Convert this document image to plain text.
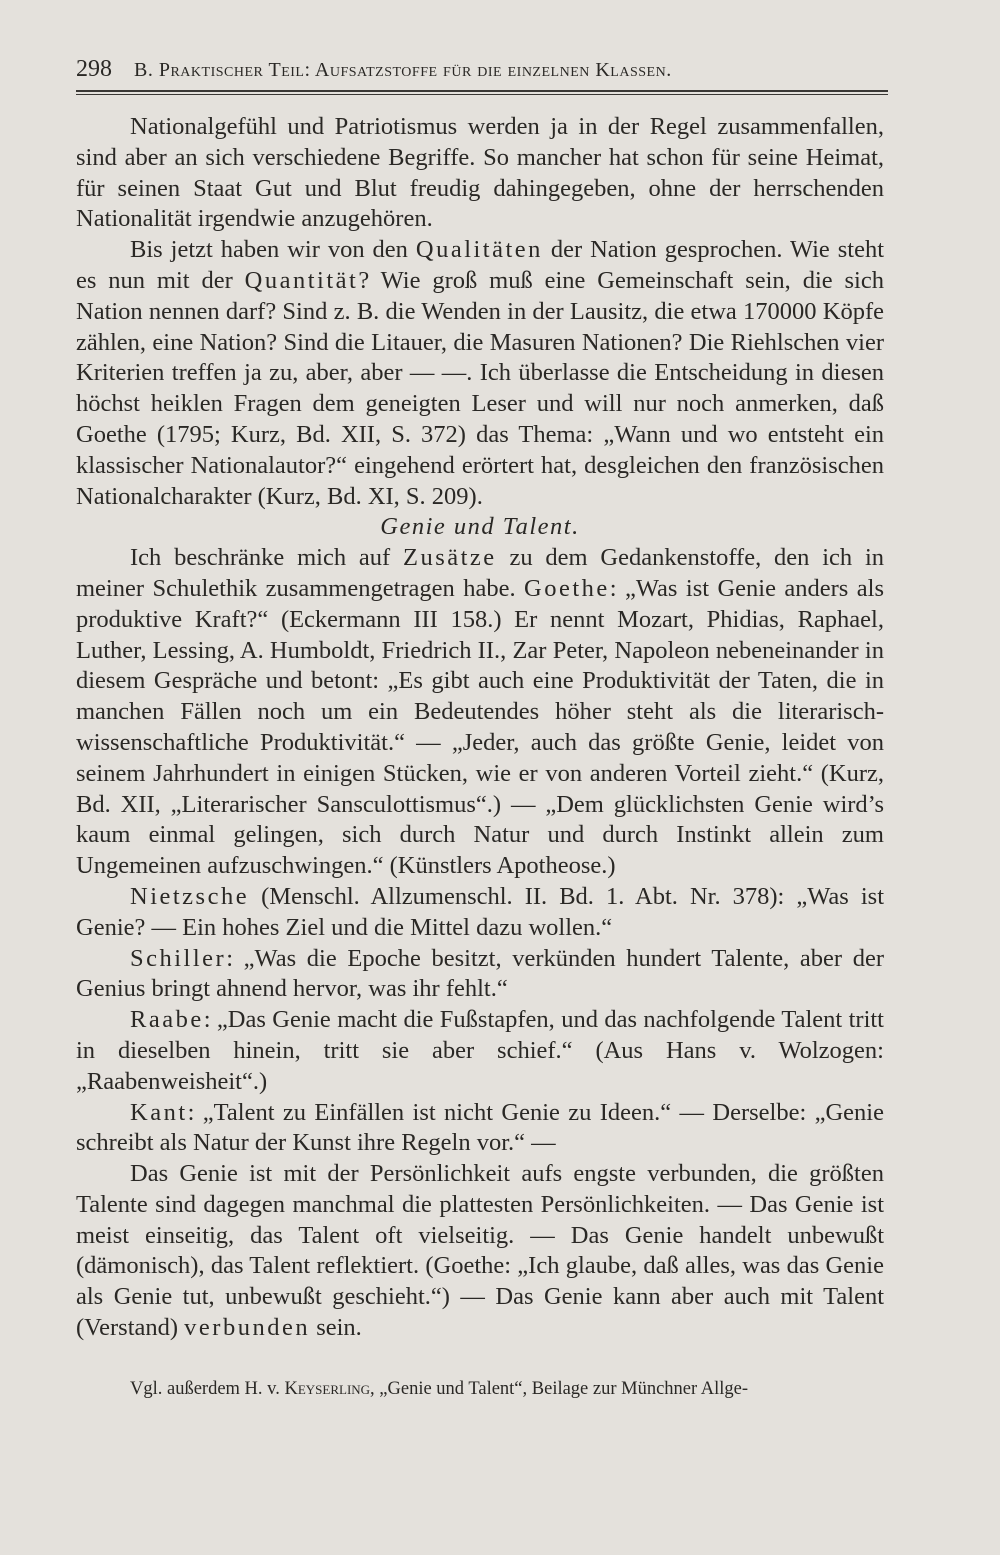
298 B. Praktischer Teil: Aufsatzstoffe für die einzelnen Klassen.

Nationalgefühl und Patriotismus werden ja in der Regel zusammenfallen, sind aber an sich verschiedene Begriffe. So mancher hat schon für seine Heimat, für seinen Staat Gut und Blut freudig dahingegeben, ohne der herrschenden Nationalität irgendwie anzugehören.

Bis jetzt haben wir von den Qualitäten der Nation gesprochen. Wie steht es nun mit der Quantität? Wie groß muß eine Gemeinschaft sein, die sich Nation nennen darf? Sind z. B. die Wenden in der Lausitz, die etwa 170000 Köpfe zählen, eine Nation? Sind die Litauer, die Masuren Nationen? Die Riehlschen vier Kriterien treffen ja zu, aber, aber — —. Ich überlasse die Entscheidung in diesen höchst heiklen Fragen dem geneigten Leser und will nur noch anmerken, daß Goethe (1795; Kurz, Bd. XII, S. 372) das Thema: „Wann und wo entsteht ein klassischer Nationalautor?“ eingehend erörtert hat, desgleichen den französischen Nationalcharakter (Kurz, Bd. XI, S. 209).

Genie und Talent.

Ich beschränke mich auf Zusätze zu dem Gedankenstoffe, den ich in meiner Schulethik zusammengetragen habe. Goethe: „Was ist Genie anders als produktive Kraft?“ (Eckermann III 158.) Er nennt Mozart, Phidias, Raphael, Luther, Lessing, A. Humboldt, Friedrich II., Zar Peter, Napoleon nebeneinander in diesem Gespräche und betont: „Es gibt auch eine Produktivität der Taten, die in manchen Fällen noch um ein Bedeutendes höher steht als die literarisch-wissenschaftliche Produktivität.“ — „Jeder, auch das größte Genie, leidet von seinem Jahrhundert in einigen Stücken, wie er von anderen Vorteil zieht.“ (Kurz, Bd. XII, „Literarischer Sansculottismus“.) — „Dem glücklichsten Genie wird’s kaum einmal gelingen, sich durch Natur und durch Instinkt allein zum Ungemeinen aufzuschwingen.“ (Künstlers Apotheose.)

Nietzsche (Menschl. Allzumenschl. II. Bd. 1. Abt. Nr. 378): „Was ist Genie? — Ein hohes Ziel und die Mittel dazu wollen.“

Schiller: „Was die Epoche besitzt, verkünden hundert Talente, aber der Genius bringt ahnend hervor, was ihr fehlt.“

Raabe: „Das Genie macht die Fußstapfen, und das nachfolgende Talent tritt in dieselben hinein, tritt sie aber schief.“ (Aus Hans v. Wolzogen: „Raabenweisheit“.)

Kant: „Talent zu Einfällen ist nicht Genie zu Ideen.“ — Derselbe: „Genie schreibt als Natur der Kunst ihre Regeln vor.“ —

Das Genie ist mit der Persönlichkeit aufs engste verbunden, die größten Talente sind dagegen manchmal die plattesten Persönlichkeiten. — Das Genie ist meist einseitig, das Talent oft vielseitig. — Das Genie handelt unbewußt (dämonisch), das Talent reflektiert. (Goethe: „Ich glaube, daß alles, was das Genie als Genie tut, unbewußt geschieht.“) — Das Genie kann aber auch mit Talent (Verstand) verbunden sein.

Vgl. außerdem H. v. Keyserling, „Genie und Talent“, Beilage zur Münchner Allge-
